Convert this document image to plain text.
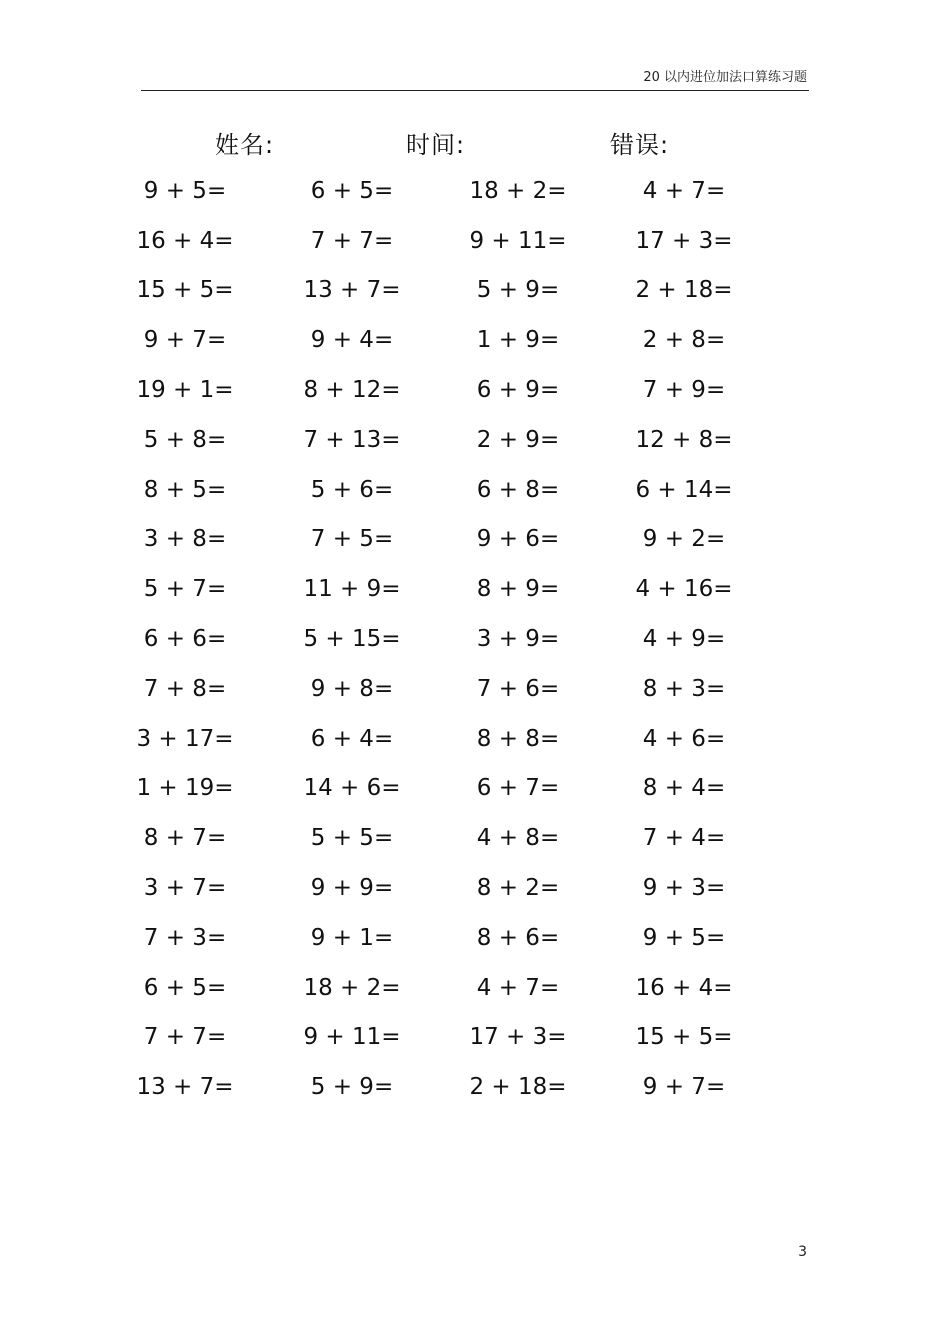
20 以内进位加法口算练习题
姓名:	时间:	错误:
9 + 5=	6 + 5=	18 + 2=	4 + 7=
16 + 4=	7 + 7=	9 + 11=	17 + 3=
15 + 5=	13 + 7=	5 + 9=	2 + 18=
9 + 7=	9 + 4=	1 + 9=	2 + 8=
19 + 1=	8 + 12=	6 + 9=	7 + 9=
5 + 8=	7 + 13=	2 + 9=	12 + 8=
8 + 5=	5 + 6=	6 + 8=	6 + 14=
3 + 8=	7 + 5=	9 + 6=	9 + 2=
5 + 7=	11 + 9=	8 + 9=	4 + 16=
6 + 6=	5 + 15=	3 + 9=	4 + 9=
7 + 8=	9 + 8=	7 + 6=	8 + 3=
3 + 17=	6 + 4=	8 + 8=	4 + 6=
1 + 19=	14 + 6=	6 + 7=	8 + 4=
8 + 7=	5 + 5=	4 + 8=	7 + 4=
3 + 7=	9 + 9=	8 + 2=	9 + 3=
7 + 3=	9 + 1=	8 + 6=	9 + 5=
6 + 5=	18 + 2=	4 + 7=	16 + 4=
7 + 7=	9 + 11=	17 + 3=	15 + 5=
13 + 7=	5 + 9=	2 + 18=	9 + 7=
3
